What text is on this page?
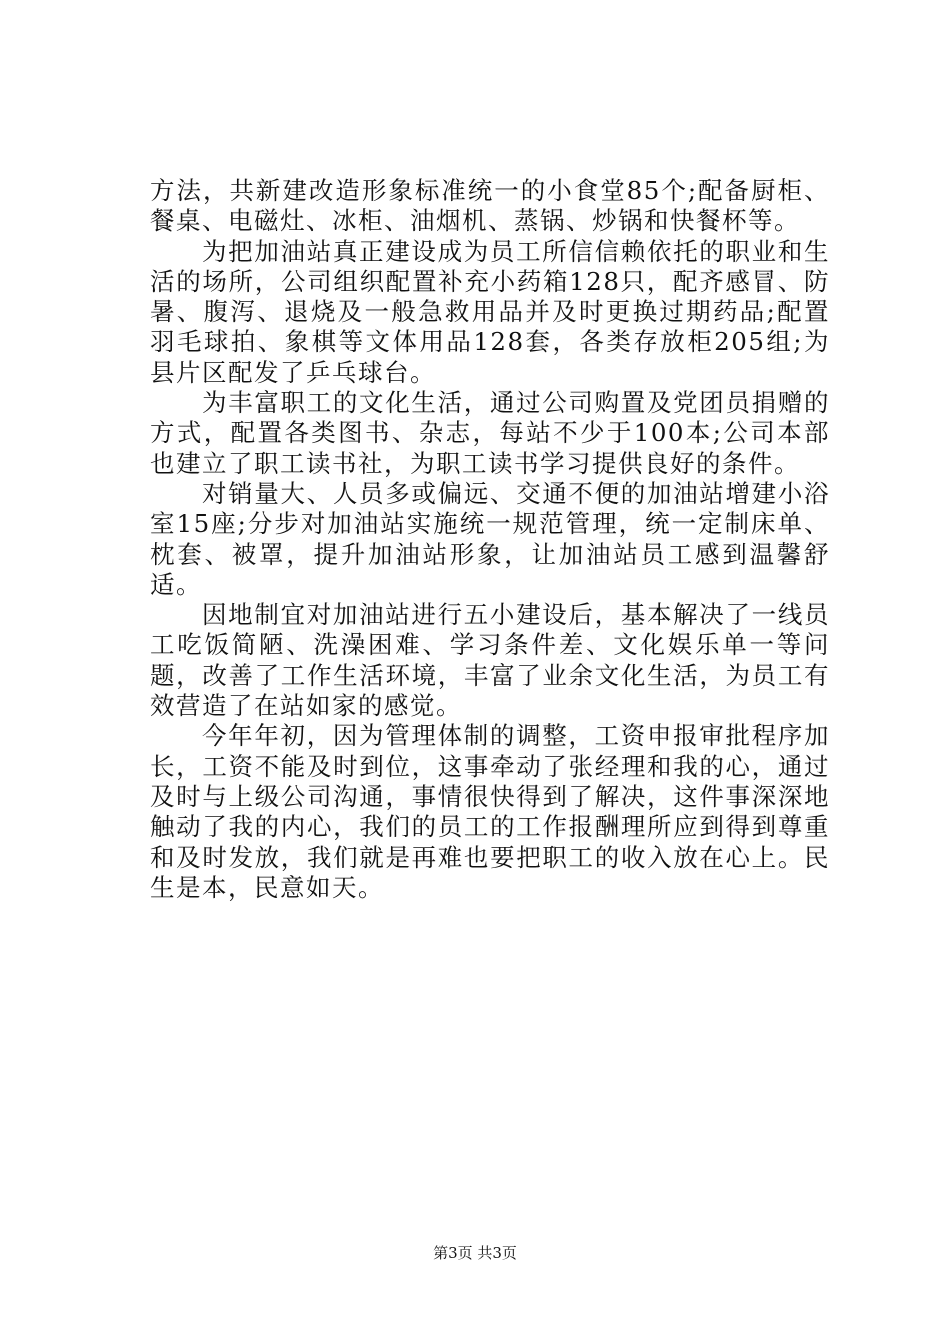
方法，共新建改造形象标准统一的小食堂85个;配备厨柜、餐桌、电磁灶、冰柜、油烟机、蒸锅、炒锅和快餐杯等。

为把加油站真正建设成为员工所信信赖依托的职业和生活的场所，公司组织配置补充小药箱128只，配齐感冒、防暑、腹泻、退烧及一般急救用品并及时更换过期药品;配置羽毛球拍、象棋等文体用品128套，各类存放柜205组;为县片区配发了乒乓球台。

为丰富职工的文化生活，通过公司购置及党团员捐赠的方式，配置各类图书、杂志，每站不少于100本;公司本部也建立了职工读书社，为职工读书学习提供良好的条件。

对销量大、人员多或偏远、交通不便的加油站增建小浴室15座;分步对加油站实施统一规范管理，统一定制床单、枕套、被罩，提升加油站形象，让加油站员工感到温馨舒适。

因地制宜对加油站进行五小建设后，基本解决了一线员工吃饭简陋、洗澡困难、学习条件差、文化娱乐单一等问题，改善了工作生活环境，丰富了业余文化生活，为员工有效营造了在站如家的感觉。

今年年初，因为管理体制的调整，工资申报审批程序加长，工资不能及时到位，这事牵动了张经理和我的心，通过及时与上级公司沟通，事情很快得到了解决，这件事深深地触动了我的内心，我们的员工的工作报酬理所应到得到尊重和及时发放，我们就是再难也要把职工的收入放在心上。民生是本，民意如天。

第3页 共3页
